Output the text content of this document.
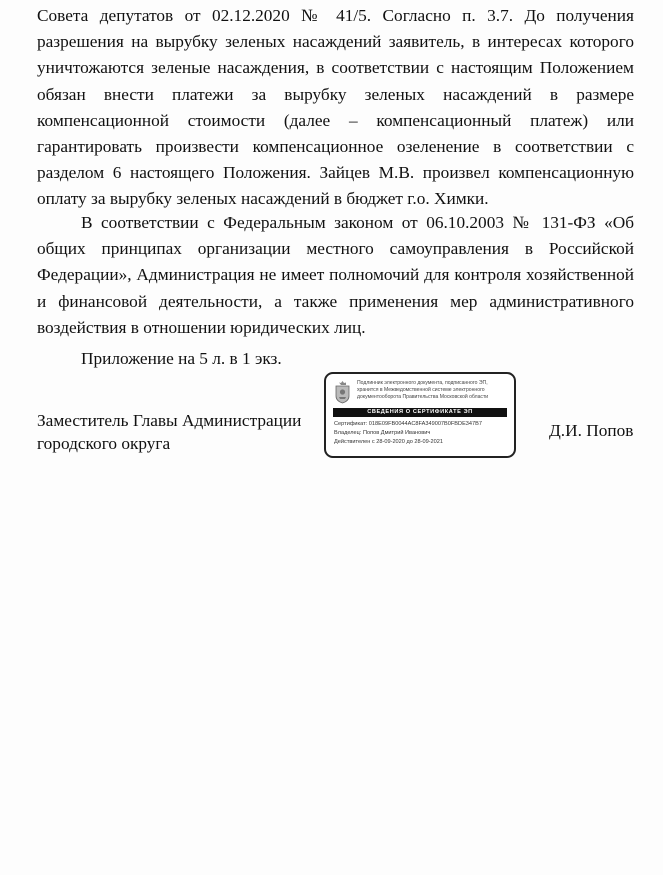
Совета депутатов от 02.12.2020 № 41/5. Согласно п. 3.7. До получения
разрешения на вырубку зеленых насаждений заявитель, в интересах которого
уничтожаются зеленые насаждения, в соответствии с настоящим Положением
обязан внести платежи за вырубку зеленых насаждений в размере
компенсационной стоимости (далее – компенсационный платеж) или
гарантировать произвести компенсационное озеленение в соответствии с
разделом 6 настоящего Положения. Зайцев М.В. произвел компенсационную
оплату за вырубку зеленых насаждений в бюджет г.о. Химки.
В соответствии с Федеральным законом от 06.10.2003 № 131-ФЗ «Об
общих принципах организации местного самоуправления в Российской
Федерации», Администрация не имеет полномочий для контроля хозяйственной
и финансовой деятельности, а также применения мер административного
воздействия в отношении юридических лиц.
Приложение на 5 л. в 1 экз.
Заместитель Главы Администрации
городского округа
Подлинник электронного документа, подписанного ЭП,
хранится в Межведомственной системе электронного
документооборота Правительства Московской области
СВЕДЕНИЯ О СЕРТИФИКАТЕ ЭП
Сертификат: 018E09FB0044AC8FA349007B0FBDE347B7
Владелец: Попов Дмитрий Иванович
Действителен с 28-09-2020 до 28-09-2021
Д.И. Попов
